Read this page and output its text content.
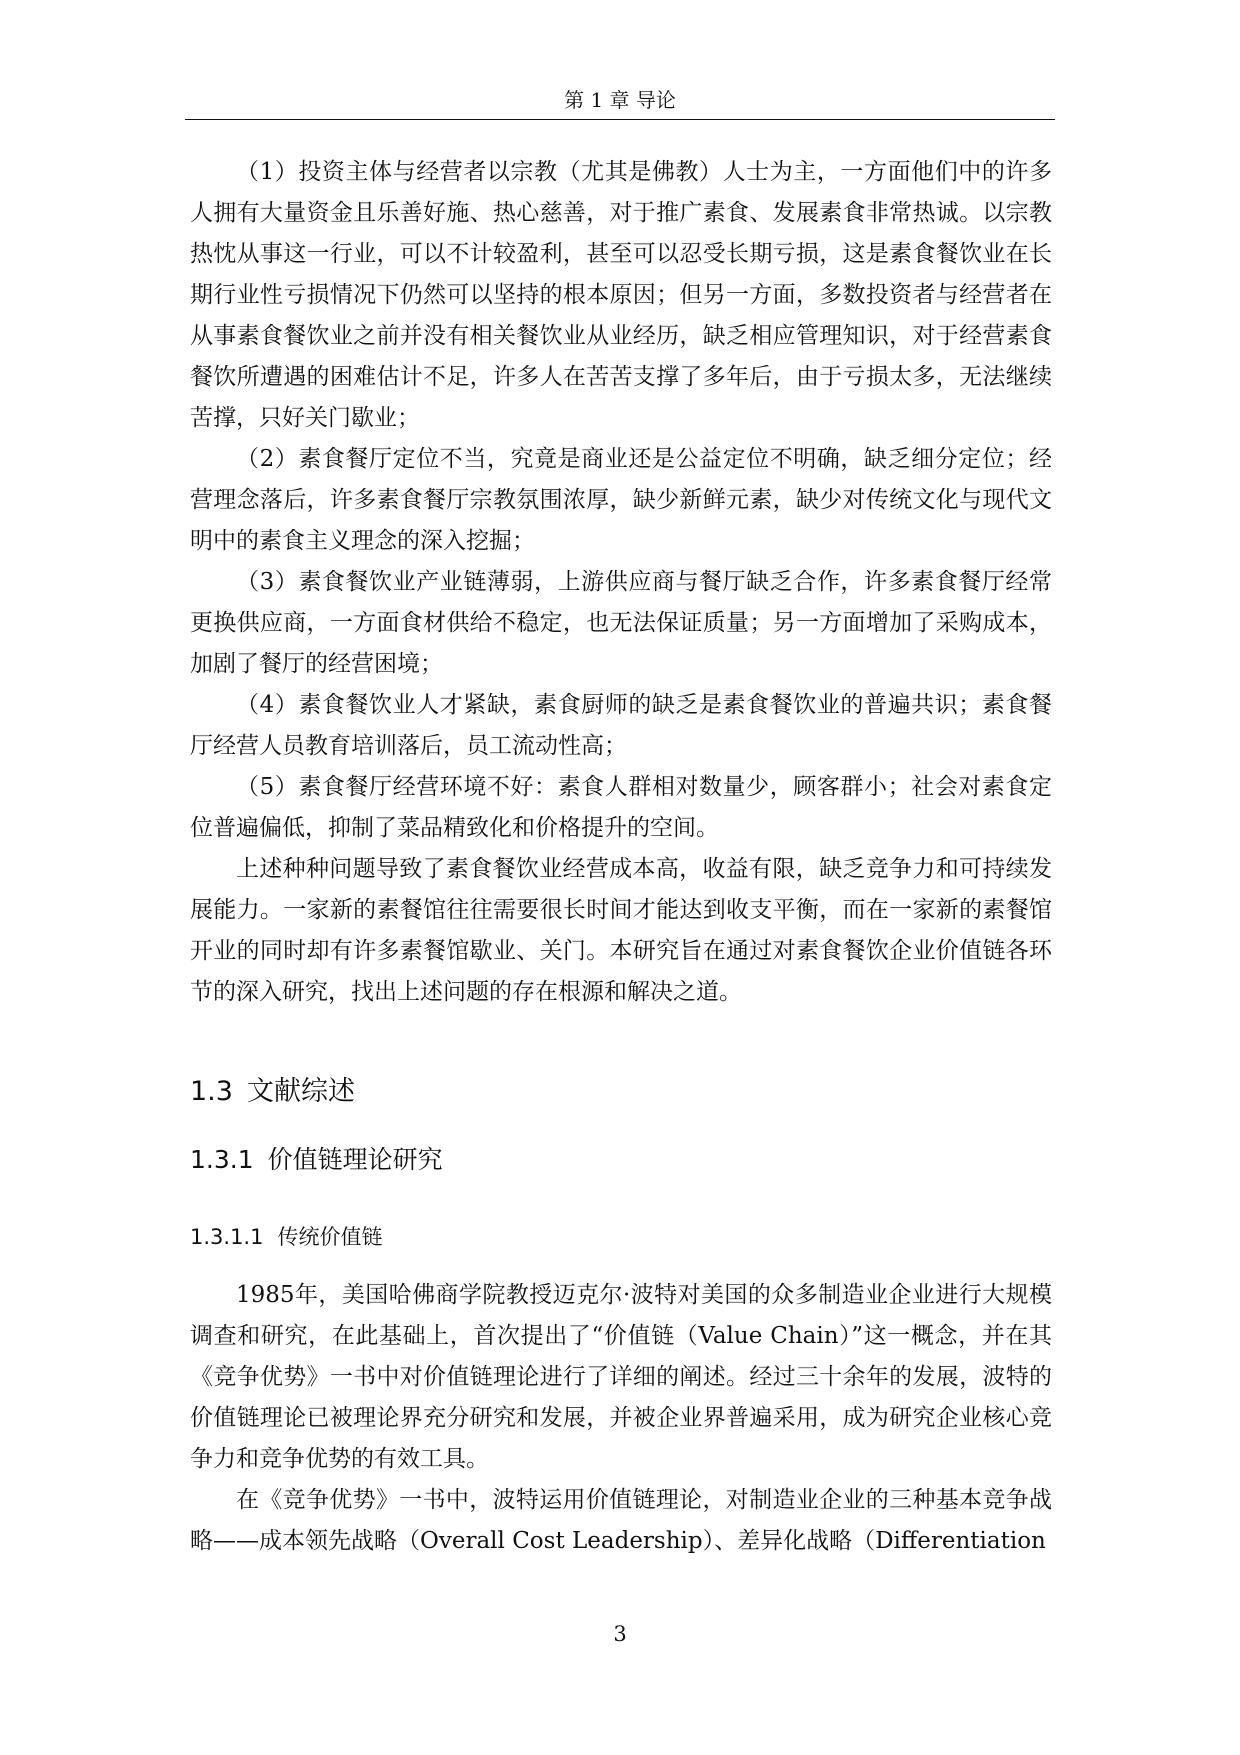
第 1 章 导论

（1）投资主体与经营者以宗教（尤其是佛教）人士为主，一方面他们中的许多人拥有大量资金且乐善好施、热心慈善，对于推广素食、发展素食非常热诚。以宗教热忱从事这一行业，可以不计较盈利，甚至可以忍受长期亏损，这是素食餐饮业在长期行业性亏损情况下仍然可以坚持的根本原因；但另一方面，多数投资者与经营者在从事素食餐饮业之前并没有相关餐饮业从业经历，缺乏相应管理知识，对于经营素食餐饮所遭遇的困难估计不足，许多人在苦苦支撑了多年后，由于亏损太多，无法继续苦撑，只好关门歇业；

（2）素食餐厅定位不当，究竟是商业还是公益定位不明确，缺乏细分定位；经营理念落后，许多素食餐厅宗教氛围浓厚，缺少新鲜元素，缺少对传统文化与现代文明中的素食主义理念的深入挖掘；

（3）素食餐饮业产业链薄弱，上游供应商与餐厅缺乏合作，许多素食餐厅经常更换供应商，一方面食材供给不稳定，也无法保证质量；另一方面增加了采购成本，加剧了餐厅的经营困境；

（4）素食餐饮业人才紧缺，素食厨师的缺乏是素食餐饮业的普遍共识；素食餐厅经营人员教育培训落后，员工流动性高；

（5）素食餐厅经营环境不好：素食人群相对数量少，顾客群小；社会对素食定位普遍偏低，抑制了菜品精致化和价格提升的空间。

上述种种问题导致了素食餐饮业经营成本高，收益有限，缺乏竞争力和可持续发展能力。一家新的素餐馆往往需要很长时间才能达到收支平衡，而在一家新的素餐馆开业的同时却有许多素餐馆歇业、关门。本研究旨在通过对素食餐饮企业价值链各环节的深入研究，找出上述问题的存在根源和解决之道。

1.3 文献综述
1.3.1 价值链理论研究
1.3.1.1 传统价值链

1985年，美国哈佛商学院教授迈克尔·波特对美国的众多制造业企业进行大规模调查和研究，在此基础上，首次提出了“价值链（Value Chain）”这一概念，并在其《竞争优势》一书中对价值链理论进行了详细的阐述。经过三十余年的发展，波特的价值链理论已被理论界充分研究和发展，并被企业界普遍采用，成为研究企业核心竞争力和竞争优势的有效工具。

在《竞争优势》一书中，波特运用价值链理论，对制造业企业的三种基本竞争战略——成本领先战略（Overall Cost Leadership）、差异化战略（Differentiation

3
